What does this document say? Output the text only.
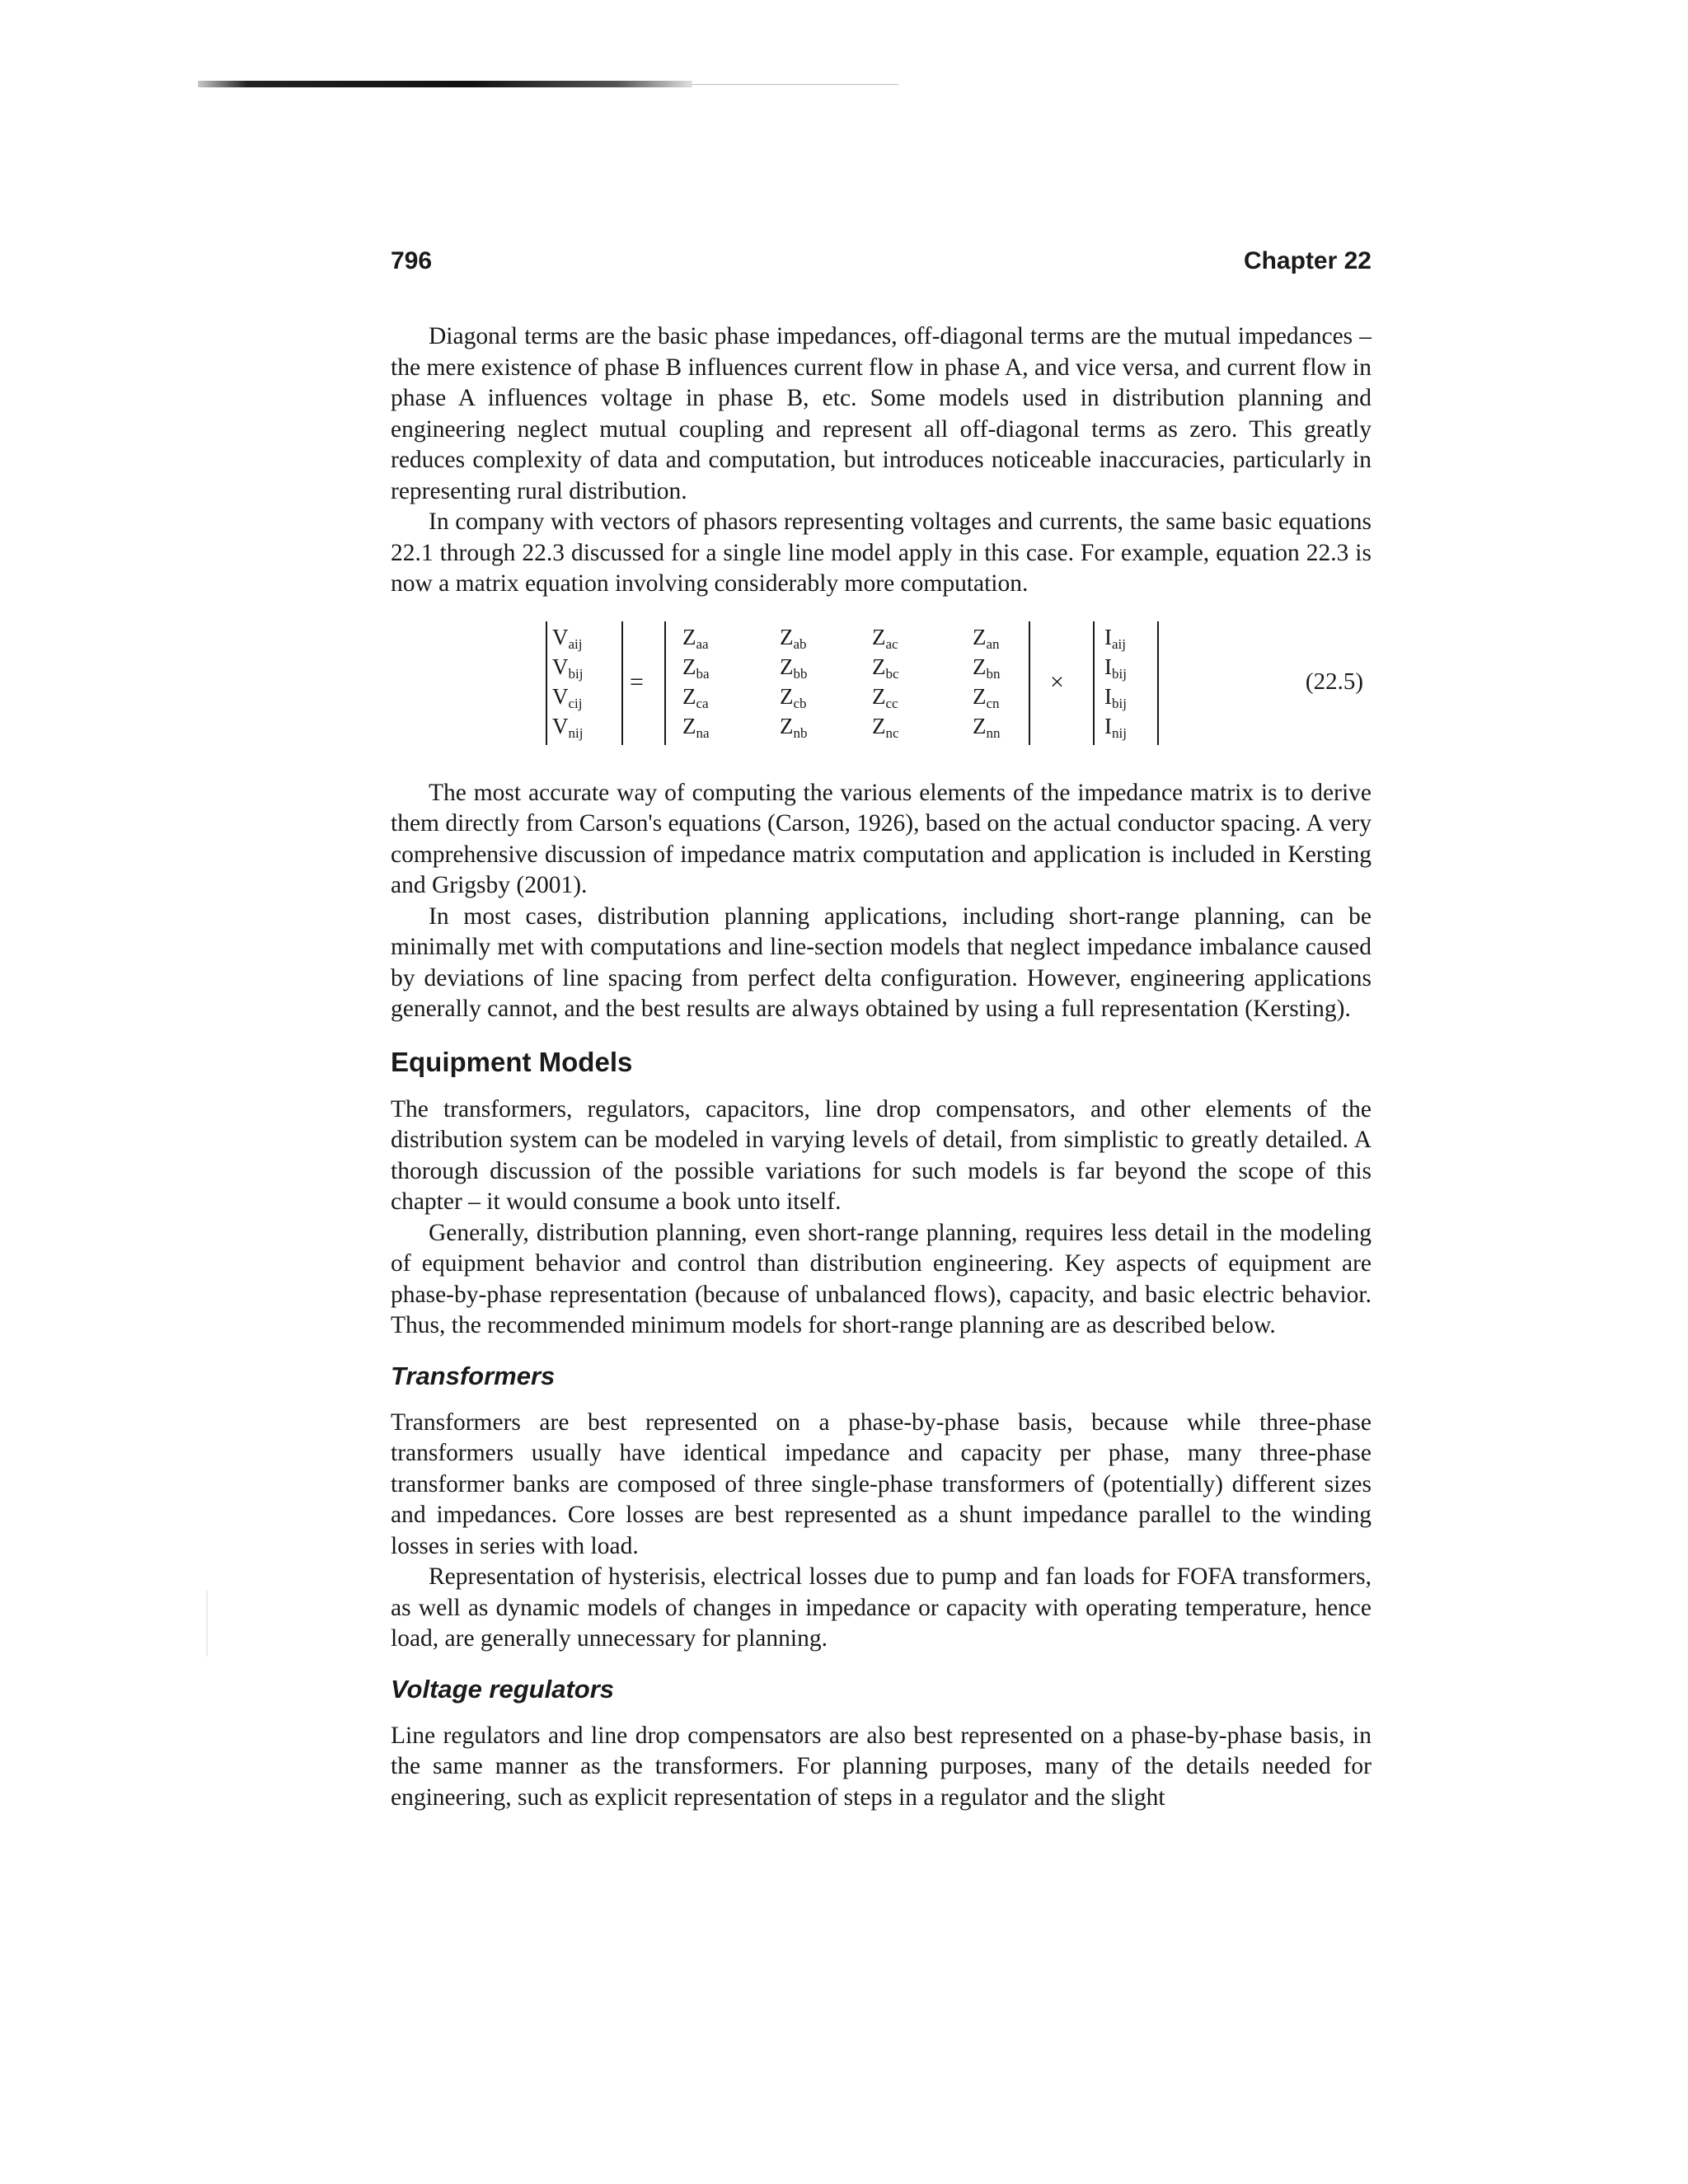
796	Chapter 22

Diagonal terms are the basic phase impedances, off-diagonal terms are the mutual impedances – the mere existence of phase B influences current flow in phase A, and vice versa, and current flow in phase A influences voltage in phase B, etc. Some models used in distribution planning and engineering neglect mutual coupling and represent all off-diagonal terms as zero. This greatly reduces complexity of data and computation, but introduces noticeable inaccuracies, particularly in representing rural distribution.

In company with vectors of phasors representing voltages and currents, the same basic equations 22.1 through 22.3 discussed for a single line model apply in this case. For example, equation 22.3 is now a matrix equation involving considerably more computation.

$V_{aij}$
$V_{bij}$
$V_{cij}$
$V_{nij}$
=
$Z_{aa}$	$Z_{ab}$	$Z_{ac}$	$Z_{an}$
$Z_{ba}$	$Z_{bb}$	$Z_{bc}$	$Z_{bn}$
$Z_{ca}$	$Z_{cb}$	$Z_{cc}$	$Z_{cn}$
$Z_{na}$	$Z_{nb}$	$Z_{nc}$	$Z_{nn}$
×
$I_{aij}$
$I_{bij}$
$I_{bij}$
$I_{nij}$
(22.5)

The most accurate way of computing the various elements of the impedance matrix is to derive them directly from Carson's equations (Carson, 1926), based on the actual conductor spacing. A very comprehensive discussion of impedance matrix computation and application is included in Kersting and Grigsby (2001).

In most cases, distribution planning applications, including short-range planning, can be minimally met with computations and line-section models that neglect impedance imbalance caused by deviations of line spacing from perfect delta configuration. However, engineering applications generally cannot, and the best results are always obtained by using a full representation (Kersting).

Equipment Models

The transformers, regulators, capacitors, line drop compensators, and other elements of the distribution system can be modeled in varying levels of detail, from simplistic to greatly detailed. A thorough discussion of the possible variations for such models is far beyond the scope of this chapter – it would consume a book unto itself.

Generally, distribution planning, even short-range planning, requires less detail in the modeling of equipment behavior and control than distribution engineering. Key aspects of equipment are phase-by-phase representation (because of unbalanced flows), capacity, and basic electric behavior. Thus, the recommended minimum models for short-range planning are as described below.

Transformers

Transformers are best represented on a phase-by-phase basis, because while three-phase transformers usually have identical impedance and capacity per phase, many three-phase transformer banks are composed of three single-phase transformers of (potentially) different sizes and impedances. Core losses are best represented as a shunt impedance parallel to the winding losses in series with load.

Representation of hysterisis, electrical losses due to pump and fan loads for FOFA transformers, as well as dynamic models of changes in impedance or capacity with operating temperature, hence load, are generally unnecessary for planning.

Voltage regulators

Line regulators and line drop compensators are also best represented on a phase-by-phase basis, in the same manner as the transformers. For planning purposes, many of the details needed for engineering, such as explicit representation of steps in a regulator and the slight
